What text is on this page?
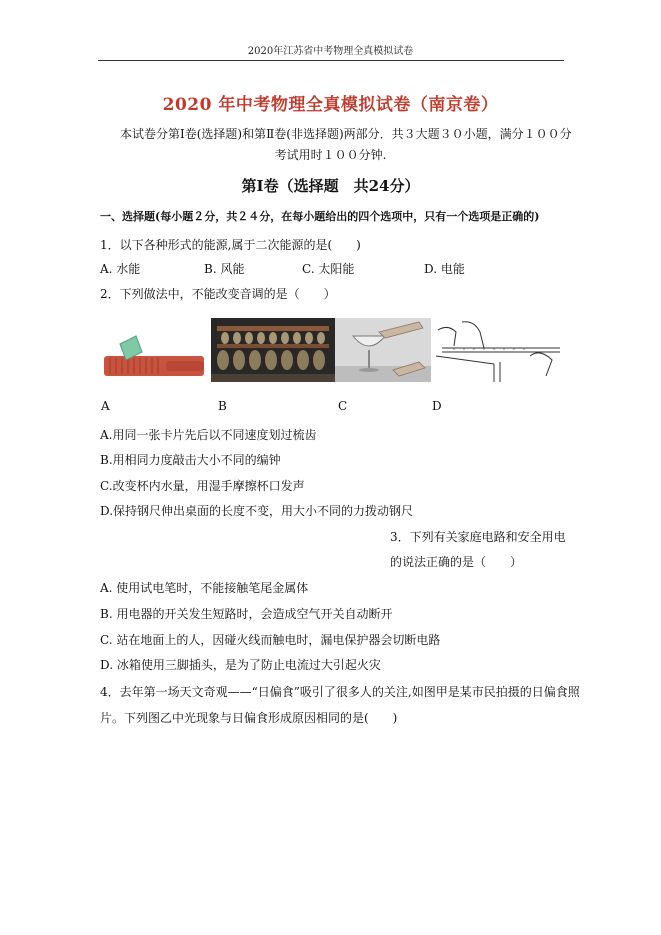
2020年江苏省中考物理全真模拟试卷
2020 年中考物理全真模拟试卷（南京卷）
本试卷分第Ⅰ卷(选择题)和第Ⅱ卷(非选择题)两部分．共３大题３０小题，满分１００分
考试用时１００分钟.
第Ⅰ卷（选择题　共24分）
一、选择题(每小题２分，共２４分，在每小题给出的四个选项中，只有一个选项是正确的)
1．以下各种形式的能源,属于二次能源的是(　　)
A. 水能	B. 风能	C. 太阳能	D. 电能
2．下列做法中，不能改变音调的是（　　）
A	B	C	D
A.用同一张卡片先后以不同速度划过梳齿
B.用相同力度敲击大小不同的编钟
C.改变杯内水量，用湿手摩擦杯口发声
D.保持钢尺伸出桌面的长度不变，用大小不同的力拨动钢尺
3．下列有关家庭电路和安全用电
的说法正确的是（　　）
A. 使用试电笔时，不能接触笔尾金属体
B. 用电器的开关发生短路时，会造成空气开关自动断开
C. 站在地面上的人，因碰火线而触电时，漏电保护器会切断电路
D. 冰箱使用三脚插头，是为了防止电流过大引起火灾
4．去年第一场天文奇观——“日偏食”吸引了很多人的关注,如图甲是某市民拍摄的日偏食照
片。下列图乙中光现象与日偏食形成原因相同的是(　　)
